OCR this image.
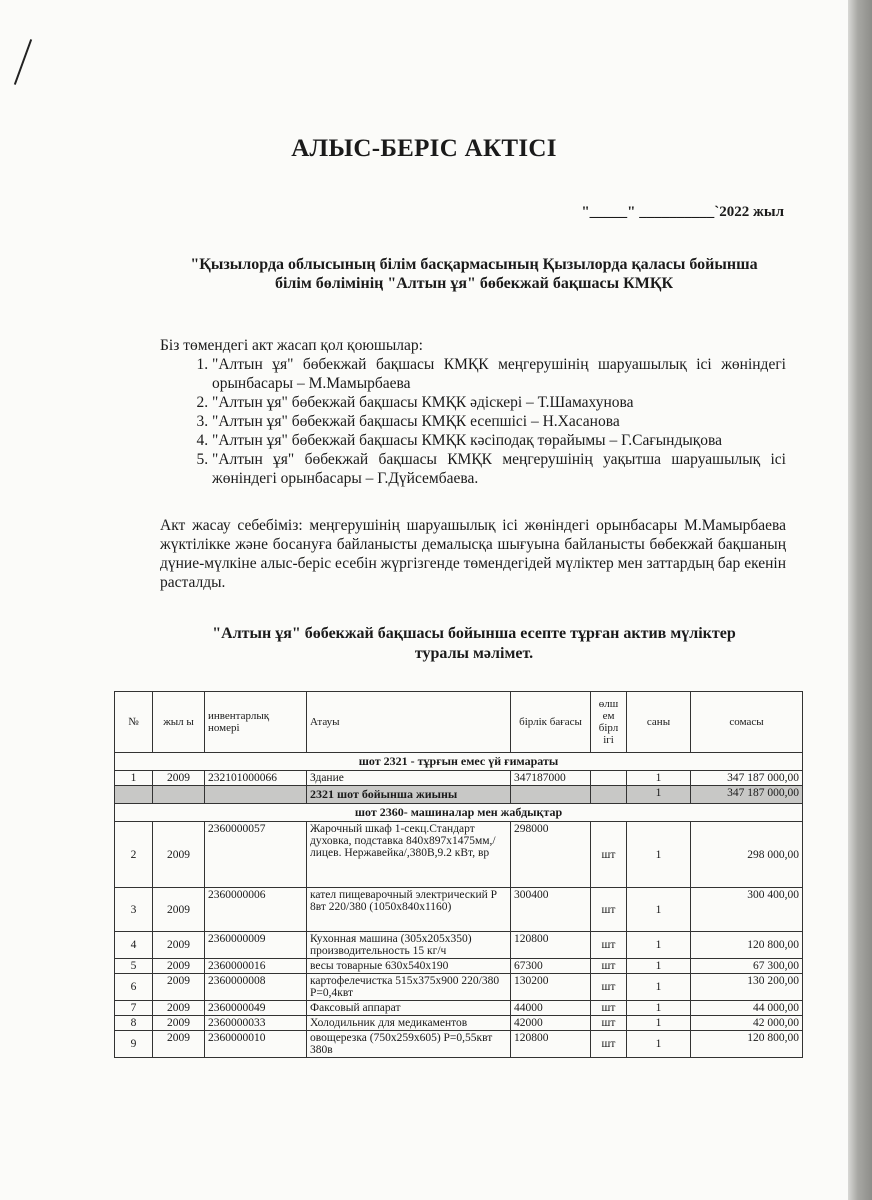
АЛЫС-БЕРІС АКТІСІ
"_____" __________`2022 жыл
"Қызылорда облысының білім басқармасының Қызылорда қаласы бойынша
білім бөлімінің "Алтын ұя" бөбекжай бақшасы КМҚК
Біз төмендегі акт жасап қол қоюшылар:
1. "Алтын ұя" бөбекжай бақшасы КМҚК меңгерушінің шаруашылық ісі жөніндегі орынбасары – М.Мамырбаева
2. "Алтын ұя" бөбекжай бақшасы КМҚК әдіскері – Т.Шамахунова
3. "Алтын ұя" бөбекжай бақшасы КМҚК есепшісі – Н.Хасанова
4. "Алтын ұя" бөбекжай бақшасы КМҚК кәсіподақ төрайымы – Г.Сағындықова
5. "Алтын ұя" бөбекжай бақшасы КМҚК меңгерушінің уақытша шаруашылық ісі жөніндегі орынбасары – Г.Дүйсембаева.

Акт жасау себебіміз: меңгерушінің шаруашылық ісі жөніндегі орынбасары М.Мамырбаева жүктілікке және босануға байланысты демалысқа шығуына байланысты бөбекжай бақшаның дүние-мүлкіне алыс-беріс есебін жүргізгенде төмендегідей мүліктер мен заттардың бар екенін расталды.

"Алтын ұя" бөбекжай бақшасы бойынша есепте тұрған актив мүліктер
туралы мәлімет.
№	жыл ы	инвентарлық номері	Атауы	бірлік бағасы	өлш ем бірл ігі	саны	сомасы
шот 2321 - тұрғын емес үй ғимараты							
1	2009	232101000066	Здание	347187000		1	347 187 000,00
			2321 шот бойынша жиыны			1	347 187 000,00
шот 2360- машиналар мен жабдықтар							
2	2009	2360000057	Жарочный шкаф 1-секц.Стандарт духовка, подставка 840x897x1475мм,/лицев. Нержавейка/,380В,9.2 кВт, вр	298000	шт	1	298 000,00
3	2009	2360000006	кател пищеварочный электрический Р 8вт 220/380 (1050x840x1160)	300400	шт	1	300 400,00
4	2009	2360000009	Кухонная машина (305x205x350) производительность 15 кг/ч	120800	шт	1	120 800,00
5	2009	2360000016	весы товарные 630x540x190	67300	шт	1	67 300,00
6	2009	2360000008	картофелечистка 515x375x900 220/380 Р=0,4квт	130200	шт	1	130 200,00
7	2009	2360000049	Факсовый аппарат	44000	шт	1	44 000,00
8	2009	2360000033	Холодильник для медикаментов	42000	шт	1	42 000,00
9	2009	2360000010	овощерезка (750x259x605) Р=0,55квт 380в	120800	шт	1	120 800,00
